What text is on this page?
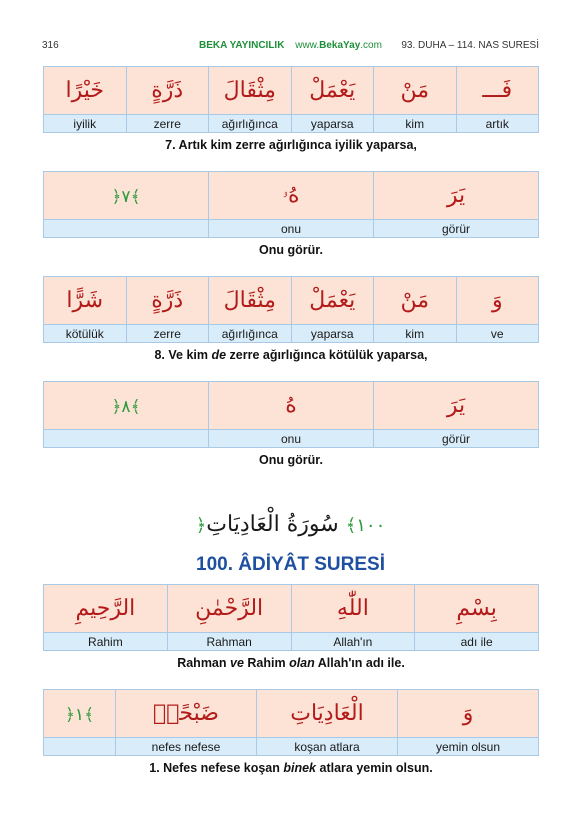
316	BEKA YAYINCILIK www.BekaYay.com	93. DUHA – 114. NAS SURESİ
خَيْرًا	ذَرَّةٍ	مِثْقَالَ	يَعْمَلْ	مَنْ	فَـــ
iyilik	zerre	ağırlığınca	yaparsa	kim	artık
7. Artık kim zerre ağırlığınca iyilik yaparsa,
﴿٧﴾	هُۥ	يَرَ
	onu	görür
Onu görür.
شَرًّا	ذَرَّةٍ	مِثْقَالَ	يَعْمَلْ	مَنْ	وَ
kötülük	zerre	ağırlığınca	yaparsa	kim	ve
8. Ve kim de zerre ağırlığınca kötülük yaparsa,
﴿٨﴾	هُ	يَرَ
	onu	görür
Onu görür.
﴿١٠٠﴾ سُورَةُ الْعَادِيَاتِ
100. ÂDİYÂT SURESİ
الرَّحِيمِ	الرَّحْمٰنِ	اللّٰهِ	بِسْمِ
Rahim	Rahman	Allah'ın	adı ile
Rahman ve Rahim olan Allah'ın adı ile.
﴿١﴾	ضَبْحًاۙ	الْعَادِيَاتِ	وَ
	nefes nefese	koşan atlara	yemin olsun
1. Nefes nefese koşan binek atlara yemin olsun.
